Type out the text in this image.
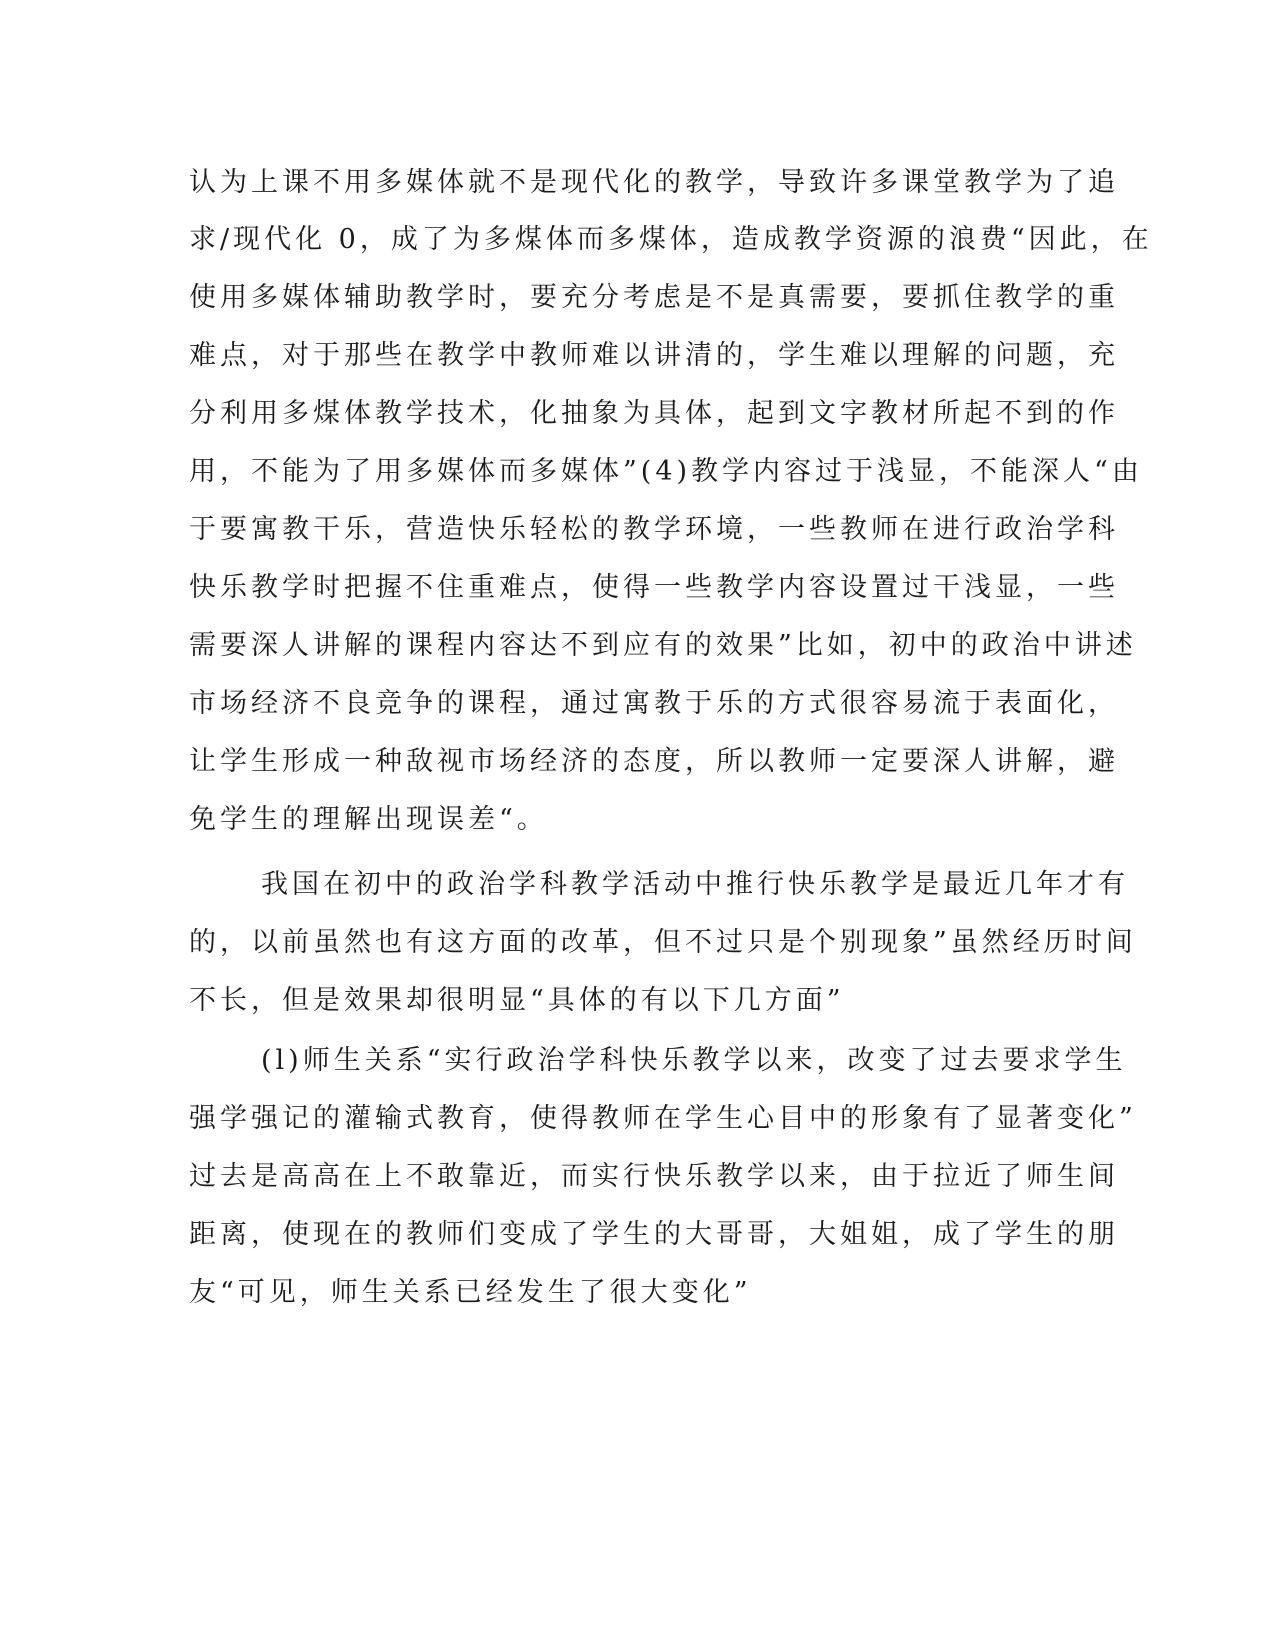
认为上课不用多媒体就不是现代化的教学，导致许多课堂教学为了追
求/现代化 0，成了为多煤体而多煤体，造成教学资源的浪费“因此，在
使用多媒体辅助教学时，要充分考虑是不是真需要，要抓住教学的重
难点，对于那些在教学中教师难以讲清的，学生难以理解的问题，充
分利用多煤体教学技术，化抽象为具体，起到文字教材所起不到的作
用，不能为了用多媒体而多媒体”(4)教学内容过于浅显，不能深人“由
于要寓教干乐，营造快乐轻松的教学环境，一些教师在进行政治学科
快乐教学时把握不住重难点，使得一些教学内容设置过干浅显，一些
需要深人讲解的课程内容达不到应有的效果”比如，初中的政治中讲述
市场经济不良竞争的课程，通过寓教于乐的方式很容易流于表面化，
让学生形成一种敌视市场经济的态度，所以教师一定要深人讲解，避
免学生的理解出现误差“。
我国在初中的政治学科教学活动中推行快乐教学是最近几年才有
的，以前虽然也有这方面的改革，但不过只是个别现象”虽然经历时间
不长，但是效果却很明显“具体的有以下几方面”
(l)师生关系“实行政治学科快乐教学以来，改变了过去要求学生
强学强记的灌输式教育，使得教师在学生心目中的形象有了显著变化”
过去是高高在上不敢靠近，而实行快乐教学以来，由于拉近了师生间
距离，使现在的教师们变成了学生的大哥哥，大姐姐，成了学生的朋
友“可见，师生关系已经发生了很大变化”
